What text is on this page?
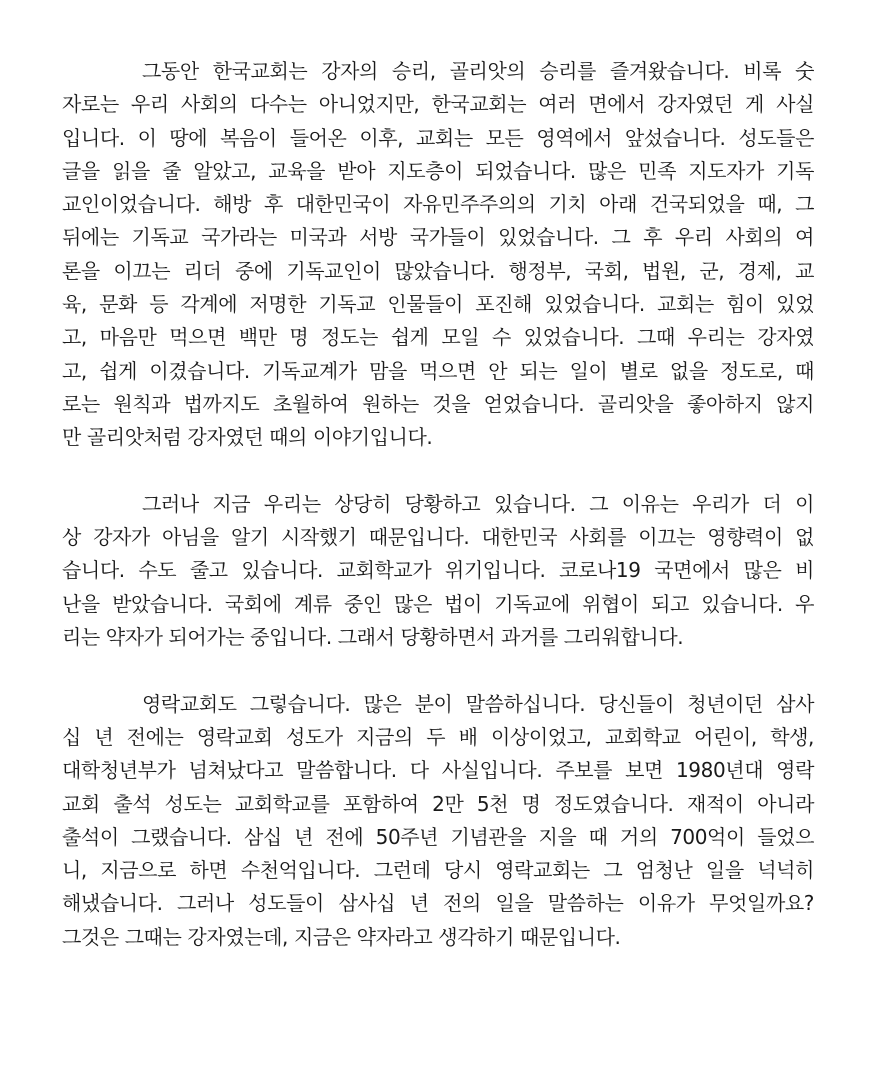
그동안 한국교회는 강자의 승리, 골리앗의 승리를 즐겨왔습니다. 비록 숫
자로는 우리 사회의 다수는 아니었지만, 한국교회는 여러 면에서 강자였던 게 사실
입니다. 이 땅에 복음이 들어온 이후, 교회는 모든 영역에서 앞섰습니다. 성도들은
글을 읽을 줄 알았고, 교육을 받아 지도층이 되었습니다. 많은 민족 지도자가 기독
교인이었습니다. 해방 후 대한민국이 자유민주주의의 기치 아래 건국되었을 때, 그
뒤에는 기독교 국가라는 미국과 서방 국가들이 있었습니다. 그 후 우리 사회의 여
론을 이끄는 리더 중에 기독교인이 많았습니다. 행정부, 국회, 법원, 군, 경제, 교
육, 문화 등 각계에 저명한 기독교 인물들이 포진해 있었습니다. 교회는 힘이 있었
고, 마음만 먹으면 백만 명 정도는 쉽게 모일 수 있었습니다. 그때 우리는 강자였
고, 쉽게 이겼습니다. 기독교계가 맘을 먹으면 안 되는 일이 별로 없을 정도로, 때
로는 원칙과 법까지도 초월하여 원하는 것을 얻었습니다. 골리앗을 좋아하지 않지
만 골리앗처럼 강자였던 때의 이야기입니다.
그러나 지금 우리는 상당히 당황하고 있습니다. 그 이유는 우리가 더 이
상 강자가 아님을 알기 시작했기 때문입니다. 대한민국 사회를 이끄는 영향력이 없
습니다. 수도 줄고 있습니다. 교회학교가 위기입니다. 코로나19 국면에서 많은 비
난을 받았습니다. 국회에 계류 중인 많은 법이 기독교에 위협이 되고 있습니다. 우
리는 약자가 되어가는 중입니다. 그래서 당황하면서 과거를 그리워합니다.
영락교회도 그렇습니다. 많은 분이 말씀하십니다. 당신들이 청년이던 삼사
십 년 전에는 영락교회 성도가 지금의 두 배 이상이었고, 교회학교 어린이, 학생,
대학청년부가 넘쳐났다고 말씀합니다. 다 사실입니다. 주보를 보면 1980년대 영락
교회 출석 성도는 교회학교를 포함하여 2만 5천 명 정도였습니다. 재적이 아니라
출석이 그랬습니다. 삼십 년 전에 50주년 기념관을 지을 때 거의 700억이 들었으
니, 지금으로 하면 수천억입니다. 그런데 당시 영락교회는 그 엄청난 일을 넉넉히
해냈습니다. 그러나 성도들이 삼사십 년 전의 일을 말씀하는 이유가 무엇일까요?
그것은 그때는 강자였는데, 지금은 약자라고 생각하기 때문입니다.
